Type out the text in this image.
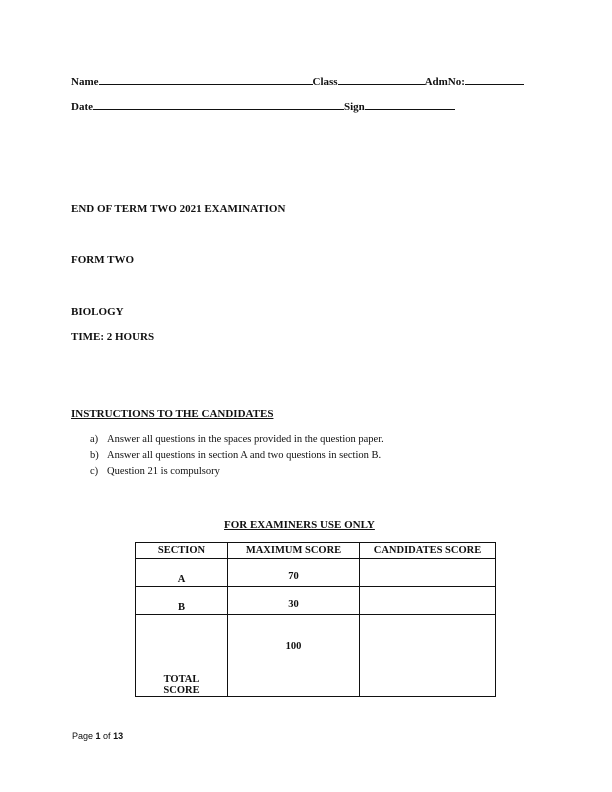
Name	Class	AdmNo:
Date	Sign
END OF TERM TWO 2021 EXAMINATION
FORM TWO
BIOLOGY
TIME: 2 HOURS
INSTRUCTIONS TO THE CANDIDATES
a) Answer all questions in the spaces provided in the question paper.
b) Answer all questions in section A and two questions in section B.
c) Question 21 is compulsory
FOR EXAMINERS USE ONLY
SECTION	MAXIMUM SCORE	CANDIDATES SCORE

A	70	

B	30	

TOTAL
SCORE	100	
Page 1 of 13
